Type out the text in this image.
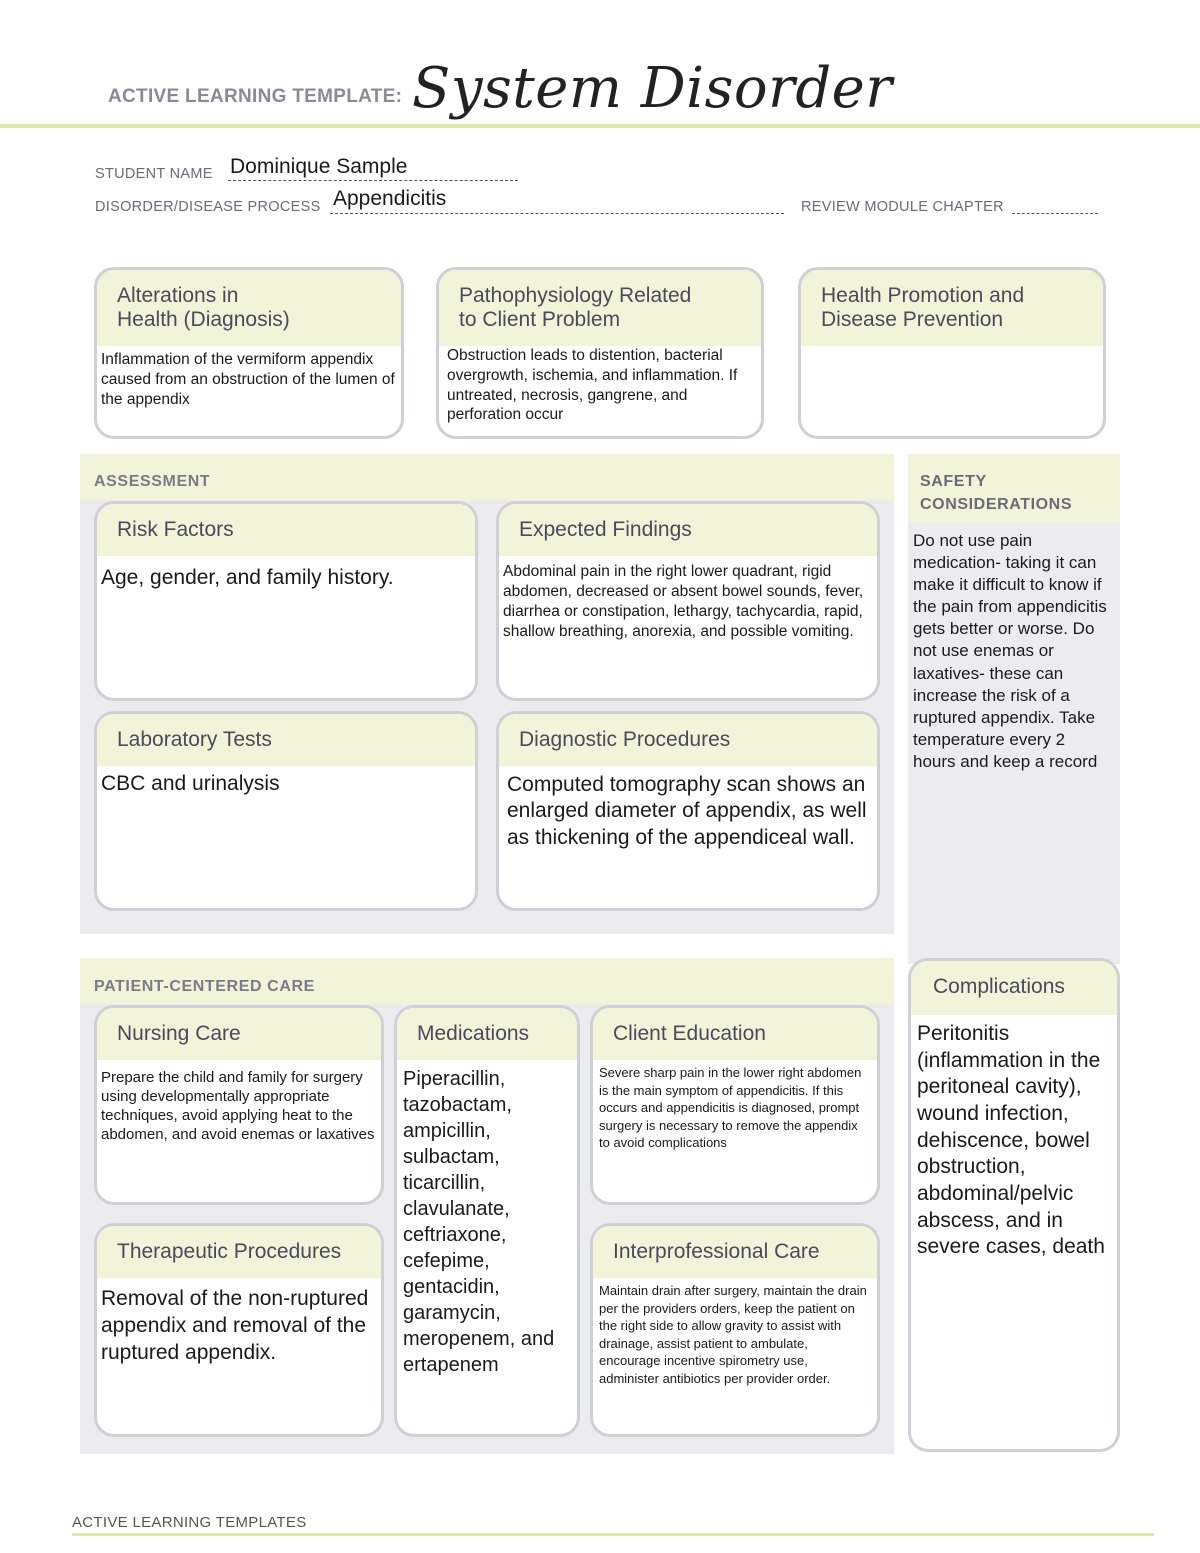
ACTIVE LEARNING TEMPLATE: System Disorder
STUDENT NAME Dominique Sample
DISORDER/DISEASE PROCESS Appendicitis	REVIEW MODULE CHAPTER
Alterations in
Health (Diagnosis)
Inflammation of the vermiform appendix caused from an obstruction of the lumen of the appendix
Pathophysiology Related
to Client Problem
Obstruction leads to distention, bacterial overgrowth, ischemia, and inflammation. If untreated, necrosis, gangrene, and perforation occur
Health Promotion and
Disease Prevention
ASSESSMENT
Risk Factors
Age, gender, and family history.
Expected Findings
Abdominal pain in the right lower quadrant, rigid abdomen, decreased or absent bowel sounds, fever, diarrhea or constipation, lethargy, tachycardia, rapid, shallow breathing, anorexia, and possible vomiting.
Laboratory Tests
CBC and urinalysis
Diagnostic Procedures
Computed tomography scan shows an enlarged diameter of appendix, as well as thickening of the appendiceal wall.
SAFETY
CONSIDERATIONS
Do not use pain medication- taking it can make it difficult to know if the pain from appendicitis gets better or worse. Do not use enemas or laxatives- these can increase the risk of a ruptured appendix. Take temperature every 2 hours and keep a record
PATIENT-CENTERED CARE
Nursing Care
Prepare the child and family for surgery using developmentally appropriate techniques, avoid applying heat to the abdomen, and avoid enemas or laxatives
Medications
Piperacillin, tazobactam, ampicillin, sulbactam, ticarcillin, clavulanate, ceftriaxone, cefepime, gentacidin, garamycin, meropenem, and ertapenem
Client Education
Severe sharp pain in the lower right abdomen is the main symptom of appendicitis. If this occurs and appendicitis is diagnosed, prompt surgery is necessary to remove the appendix to avoid complications
Therapeutic Procedures
Removal of the non-ruptured appendix and removal of the ruptured appendix.
Interprofessional Care
Maintain drain after surgery, maintain the drain per the providers orders, keep the patient on the right side to allow gravity to assist with drainage, assist patient to ambulate, encourage incentive spirometry use, administer antibiotics per provider order.
Complications
Peritonitis (inflammation in the peritoneal cavity), wound infection, dehiscence, bowel obstruction, abdominal/pelvic abscess, and in severe cases, death
ACTIVE LEARNING TEMPLATES
